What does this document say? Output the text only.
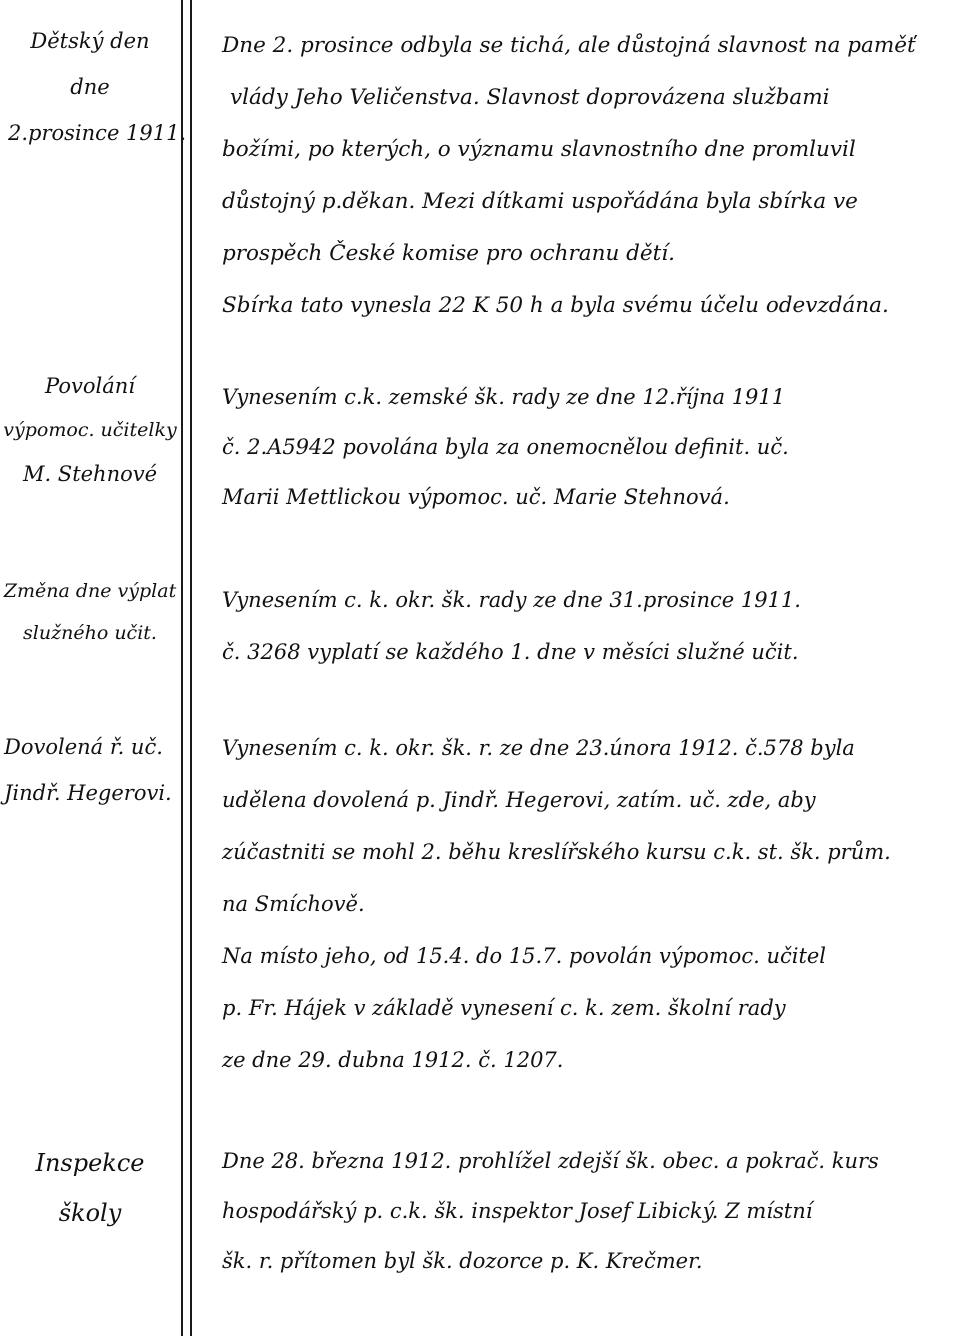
Dětský den
dne
2.prosince 1911.
Dne 2. prosince odbyla se tichá, ale důstojná slavnost na paměť
vlády Jeho Veličenstva. Slavnost doprovázena službami
božími, po kterých, o významu slavnostního dne promluvil
důstojný p.děkan. Mezi dítkami uspořádána byla sbírka ve
prospěch České komise pro ochranu dětí.
Sbírka tato vynesla 22 K 50 h a byla svému účelu odevzdána.
Povolání
výpomoc. učitelky
M. Stehnové
Vynesením c.k. zemské šk. rady ze dne 12.října 1911
č. 2.A5942 povolána byla za onemocnělou definit. uč.
Marii Mettlickou výpomoc. uč. Marie Stehnová.
Změna dne výplat
služného učit.
Vynesením c. k. okr. šk. rady ze dne 31.prosince 1911.
č. 3268 vyplatí se každého 1. dne v měsíci služné učit.
Dovolená ř. uč.
Jindř. Hegerovi.
Vynesením c. k. okr. šk. r. ze dne 23.února 1912. č.578 byla
udělena dovolená p. Jindř. Hegerovi, zatím. uč. zde, aby
zúčastniti se mohl 2. běhu kreslířského kursu c.k. st. šk. prům.
na Smíchově.
Na místo jeho, od 15.4. do 15.7. povolán výpomoc. učitel
p. Fr. Hájek v základě vynesení c. k. zem. školní rady
ze dne 29. dubna 1912. č. 1207.
Inspekce
školy
Dne 28. března 1912. prohlížel zdejší šk. obec. a pokrač. kurs
hospodářský p. c.k. šk. inspektor Josef Libický. Z místní
šk. r. přítomen byl šk. dozorce p. K. Krečmer.
